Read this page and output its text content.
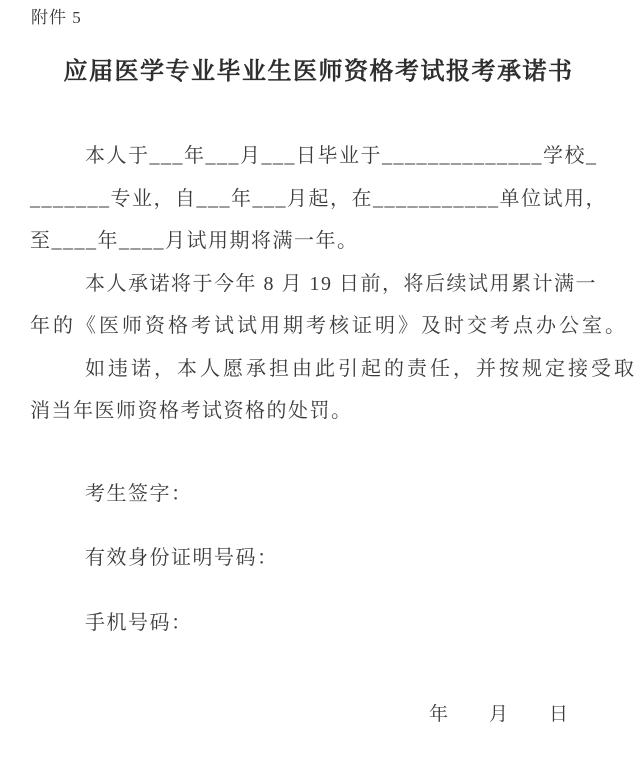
附件 5
应届医学专业毕业生医师资格考试报考承诺书
本人于___年___月___日毕业于______________学校_
_______专业，自___年___月起，在___________单位试用，
至____年____月试用期将满一年。
本人承诺将于今年 8 月 19 日前，将后续试用累计满一
年的《医师资格考试试用期考核证明》及时交考点办公室。
如违诺，本人愿承担由此引起的责任，并按规定接受取
消当年医师资格考试资格的处罚。
考生签字：
有效身份证明号码：
手机号码：
年　　月　　日
